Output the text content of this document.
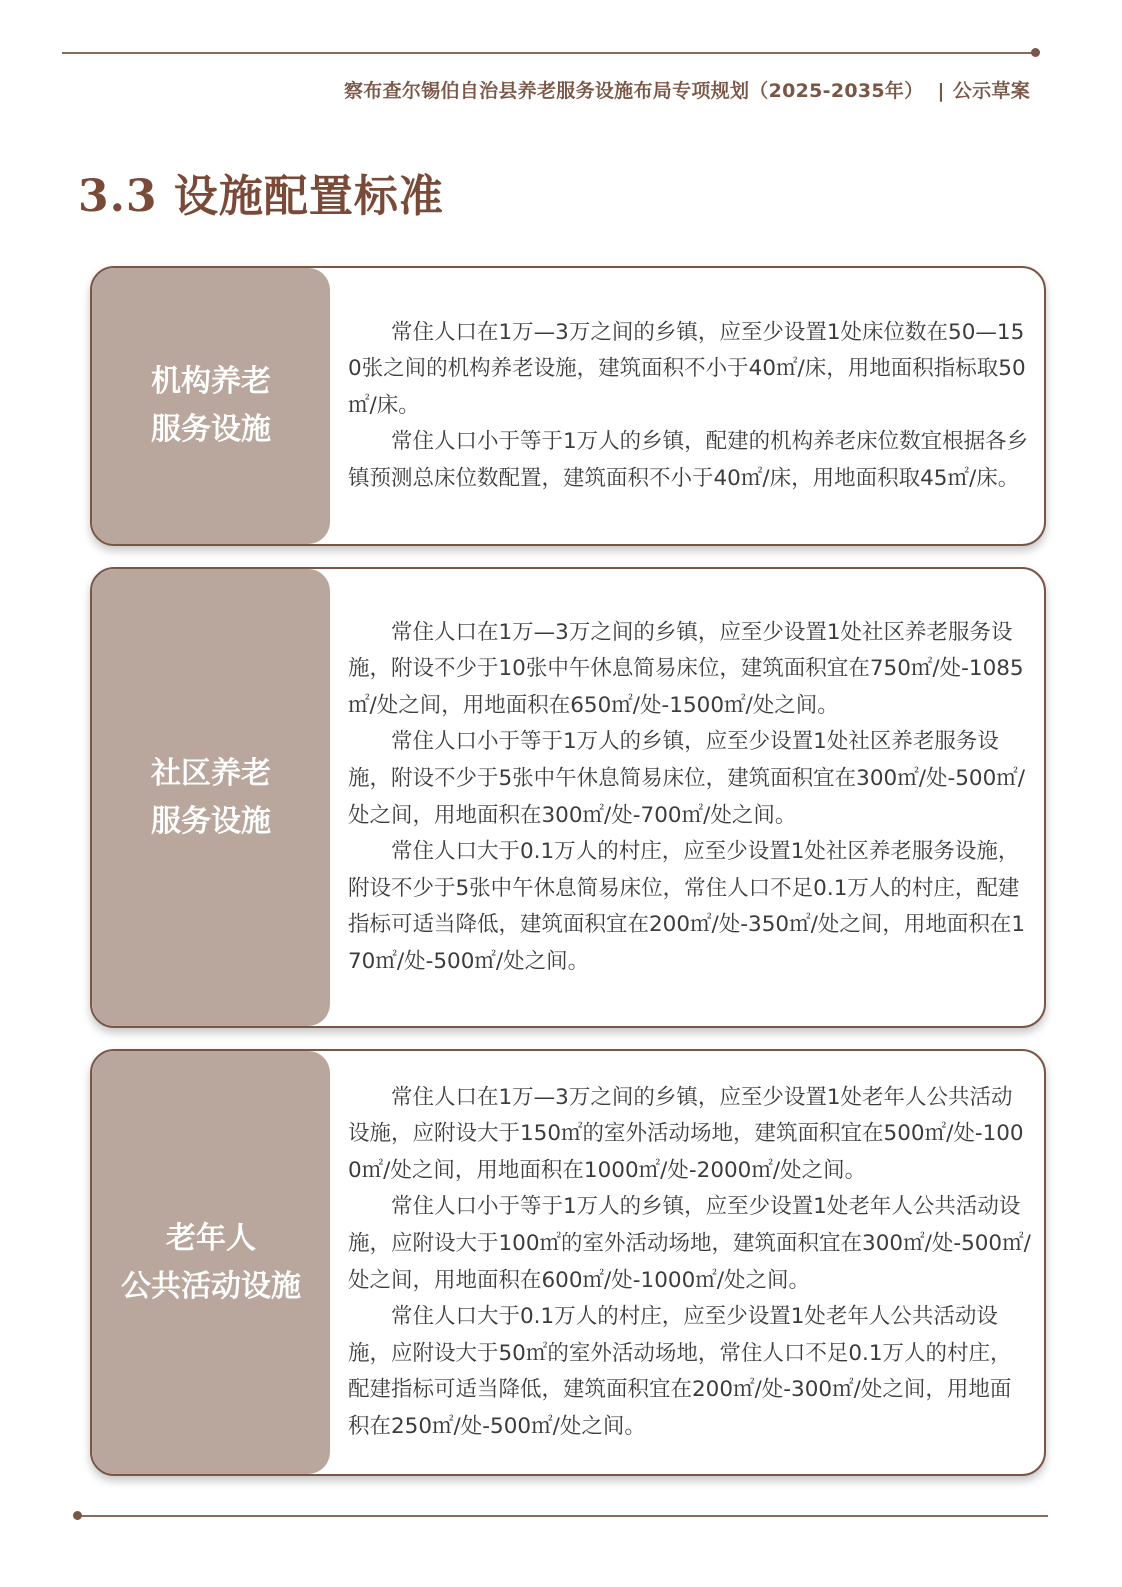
察布查尔锡伯自治县养老服务设施布局专项规划（2025-2035年） | 公示草案
3.3 设施配置标准
机构养老
服务设施

常住人口在1万—3万之间的乡镇，应至少设置1处床位数在50—150张之间的机构养老设施，建筑面积不小于40㎡/床，用地面积指标取50㎡/床。

常住人口小于等于1万人的乡镇，配建的机构养老床位数宜根据各乡镇预测总床位数配置，建筑面积不小于40㎡/床，用地面积取45㎡/床。

社区养老
服务设施

常住人口在1万—3万之间的乡镇，应至少设置1处社区养老服务设施，附设不少于10张中午休息简易床位，建筑面积宜在750㎡/处-1085㎡/处之间，用地面积在650㎡/处-1500㎡/处之间。

常住人口小于等于1万人的乡镇，应至少设置1处社区养老服务设施，附设不少于5张中午休息简易床位，建筑面积宜在300㎡/处-500㎡/处之间，用地面积在300㎡/处-700㎡/处之间。

常住人口大于0.1万人的村庄，应至少设置1处社区养老服务设施，附设不少于5张中午休息简易床位，常住人口不足0.1万人的村庄，配建指标可适当降低，建筑面积宜在200㎡/处-350㎡/处之间，用地面积在170㎡/处-500㎡/处之间。

老年人
公共活动设施

常住人口在1万—3万之间的乡镇，应至少设置1处老年人公共活动设施，应附设大于150㎡的室外活动场地，建筑面积宜在500㎡/处-1000㎡/处之间，用地面积在1000㎡/处-2000㎡/处之间。

常住人口小于等于1万人的乡镇，应至少设置1处老年人公共活动设施，应附设大于100㎡的室外活动场地，建筑面积宜在300㎡/处-500㎡/处之间，用地面积在600㎡/处-1000㎡/处之间。

常住人口大于0.1万人的村庄，应至少设置1处老年人公共活动设施，应附设大于50㎡的室外活动场地，常住人口不足0.1万人的村庄，配建指标可适当降低，建筑面积宜在200㎡/处-300㎡/处之间，用地面积在250㎡/处-500㎡/处之间。
